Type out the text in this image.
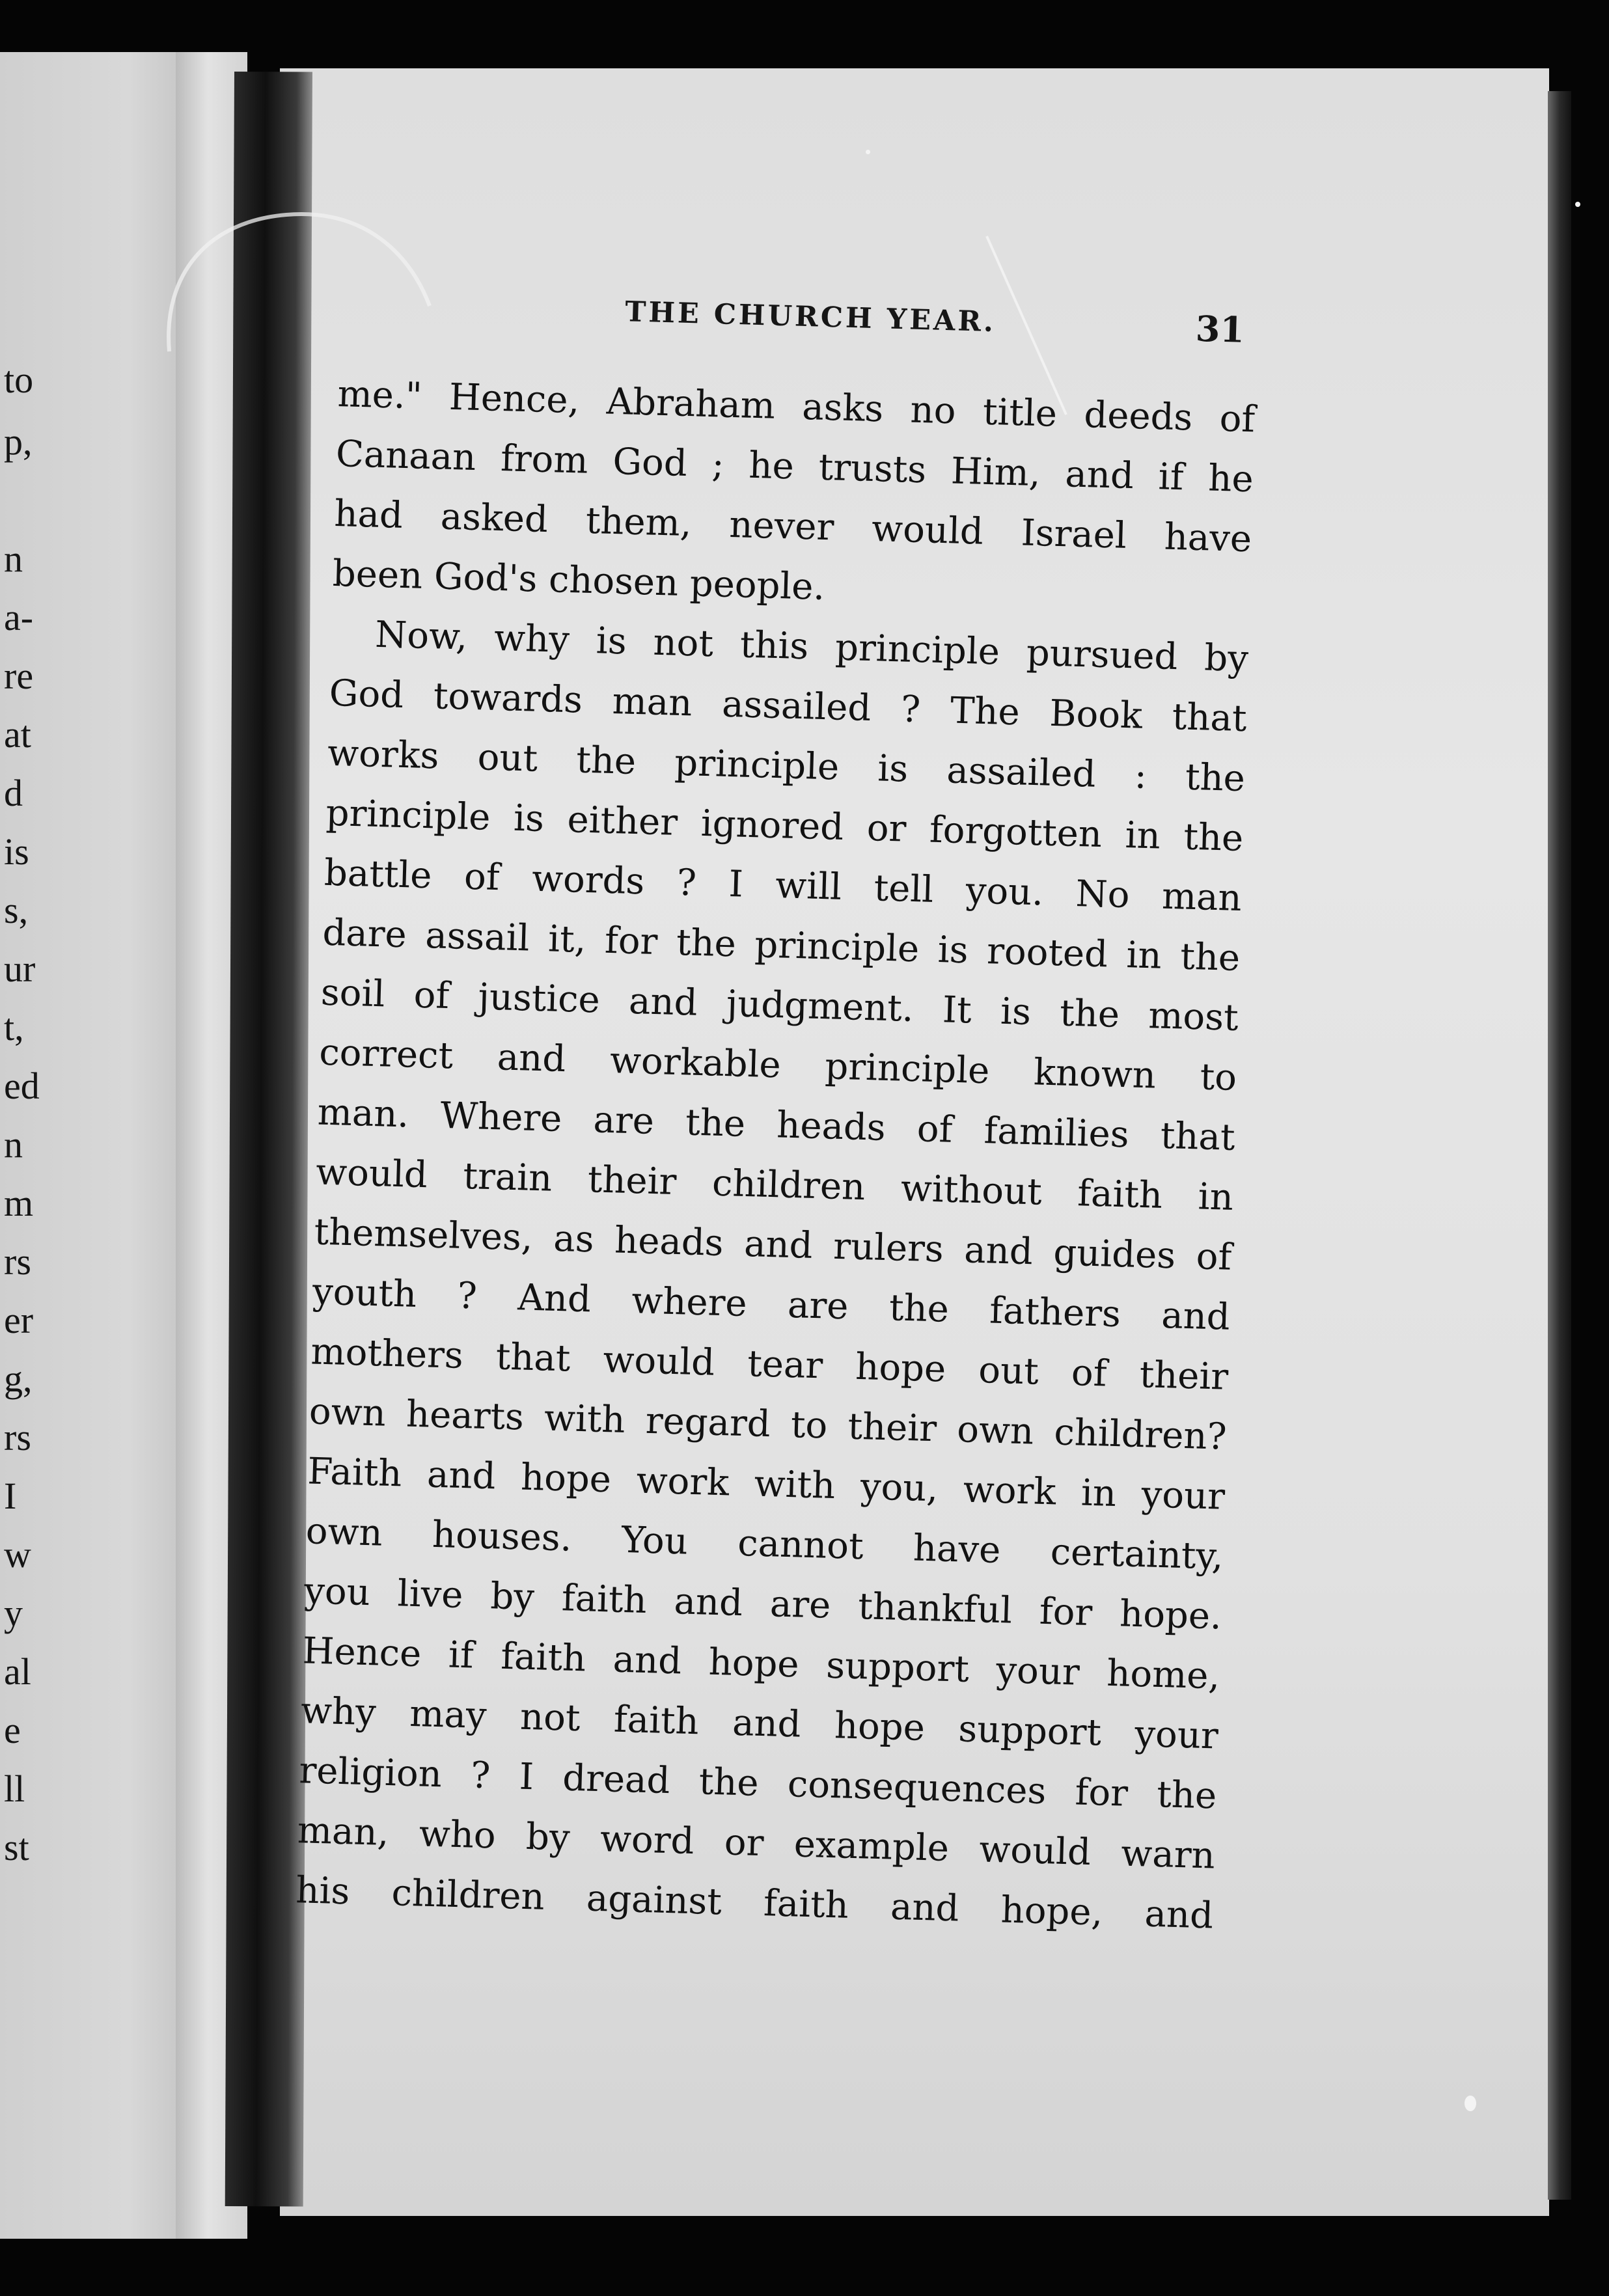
to
p,
n
a-
re
at
d
is
s,
ur
t,
ed
n
m
rs
er
g,
rs
I
w
y
al
e
ll
st
THE CHURCH YEAR.	31
me." Hence, Abraham asks no title deeds of
Canaan from God ; he trusts Him, and if he
had asked them, never would Israel have
been God's chosen people.
Now, why is not this principle pursued by
God towards man assailed ? The Book that
works out the principle is assailed : the
principle is either ignored or forgotten in the
battle of words ? I will tell you. No man
dare assail it, for the principle is rooted in the
soil of justice and judgment. It is the most
correct and workable principle known to
man. Where are the heads of families that
would train their children without faith in
themselves, as heads and rulers and guides of
youth ? And where are the fathers and
mothers that would tear hope out of their
own hearts with regard to their own children?
Faith and hope work with you, work in your
own houses. You cannot have certainty,
you live by faith and are thankful for hope.
Hence if faith and hope support your home,
why may not faith and hope support your
religion ? I dread the consequences for the
man, who by word or example would warn
his children against faith and hope, and
